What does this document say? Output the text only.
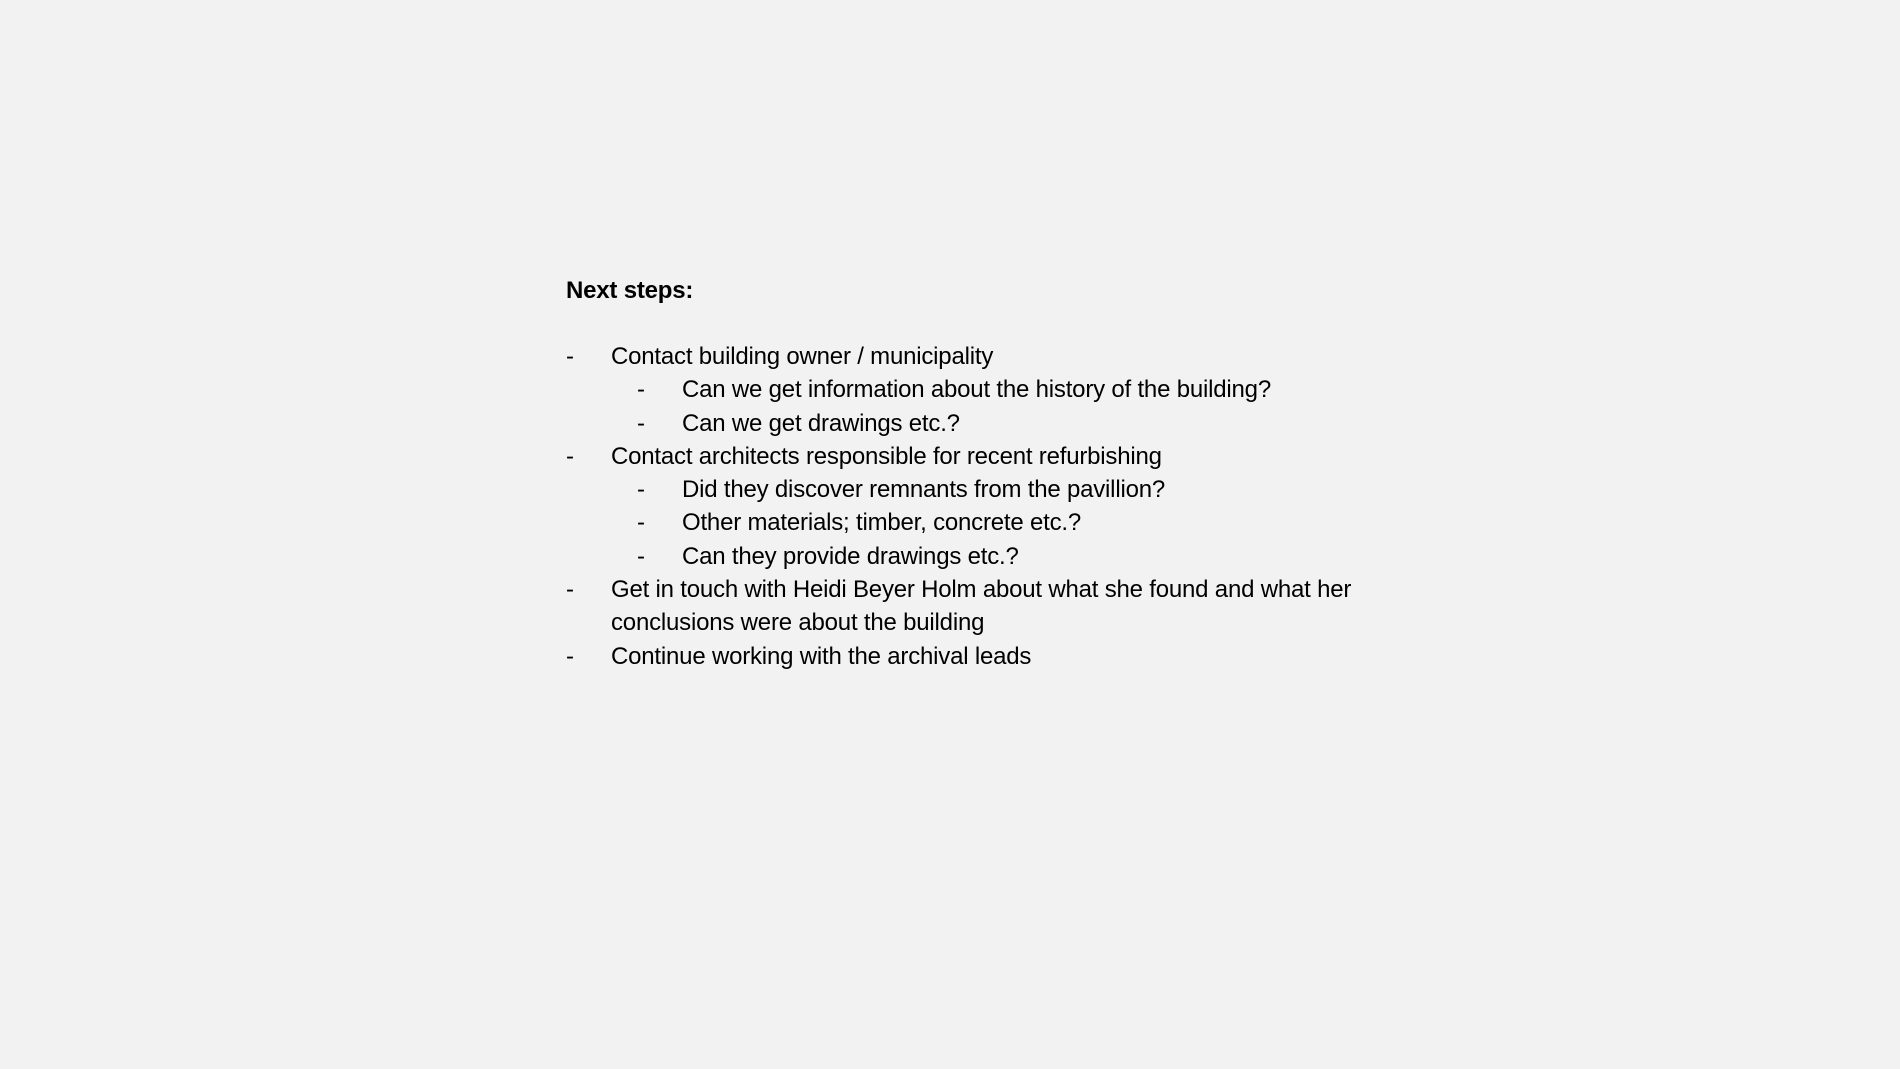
Next steps:
- Contact building owner / municipality
- Can we get information about the history of the building?
- Can we get drawings etc.?
- Contact architects responsible for recent refurbishing
- Did they discover remnants from the pavillion?
- Other materials; timber, concrete etc.?
- Can they provide drawings etc.?
- Get in touch with Heidi Beyer Holm about what she found and what her conclusions were about the building
- Continue working with the archival leads
